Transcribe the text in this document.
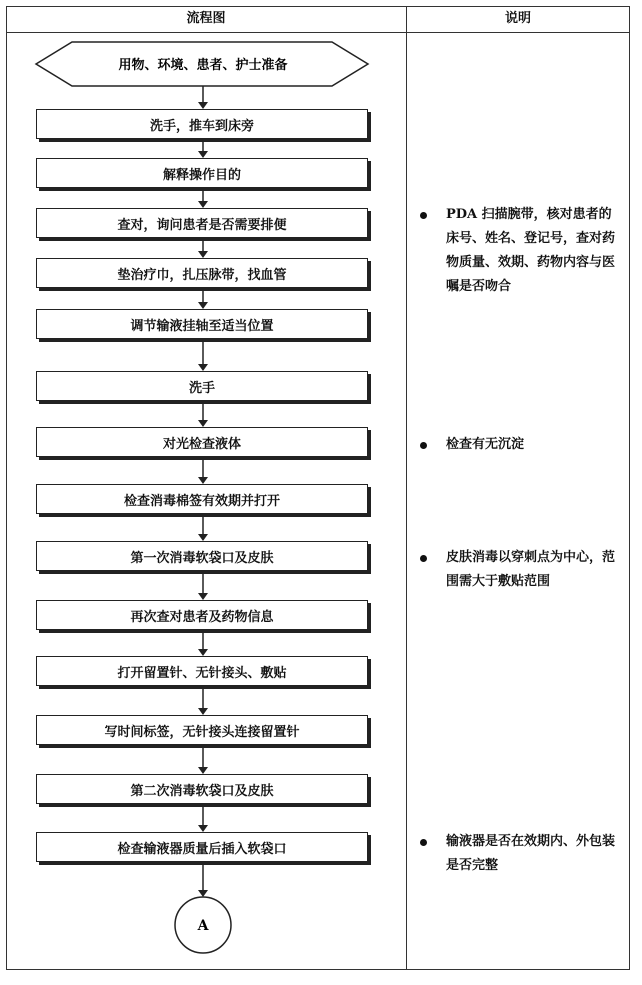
流程图	说明
用物、环境、患者、护士准备
A
洗手，推车到床旁
解释操作目的
查对，询问患者是否需要排便
垫治疗巾，扎压脉带，找血管
调节输液挂轴至适当位置
洗手
对光检查液体
检查消毒棉签有效期并打开
第一次消毒软袋口及皮肤
再次查对患者及药物信息
打开留置针、无针接头、敷贴
写时间标签，无针接头连接留置针
第二次消毒软袋口及皮肤
检查输液器质量后插入软袋口
PDA 扫描腕带，核对患者的床号、姓名、登记号，查对药物质量、效期、药物内容与医嘱是否吻合
检查有无沉淀
皮肤消毒以穿刺点为中心，范围需大于敷贴范围
输液器是否在效期内、外包装是否完整
